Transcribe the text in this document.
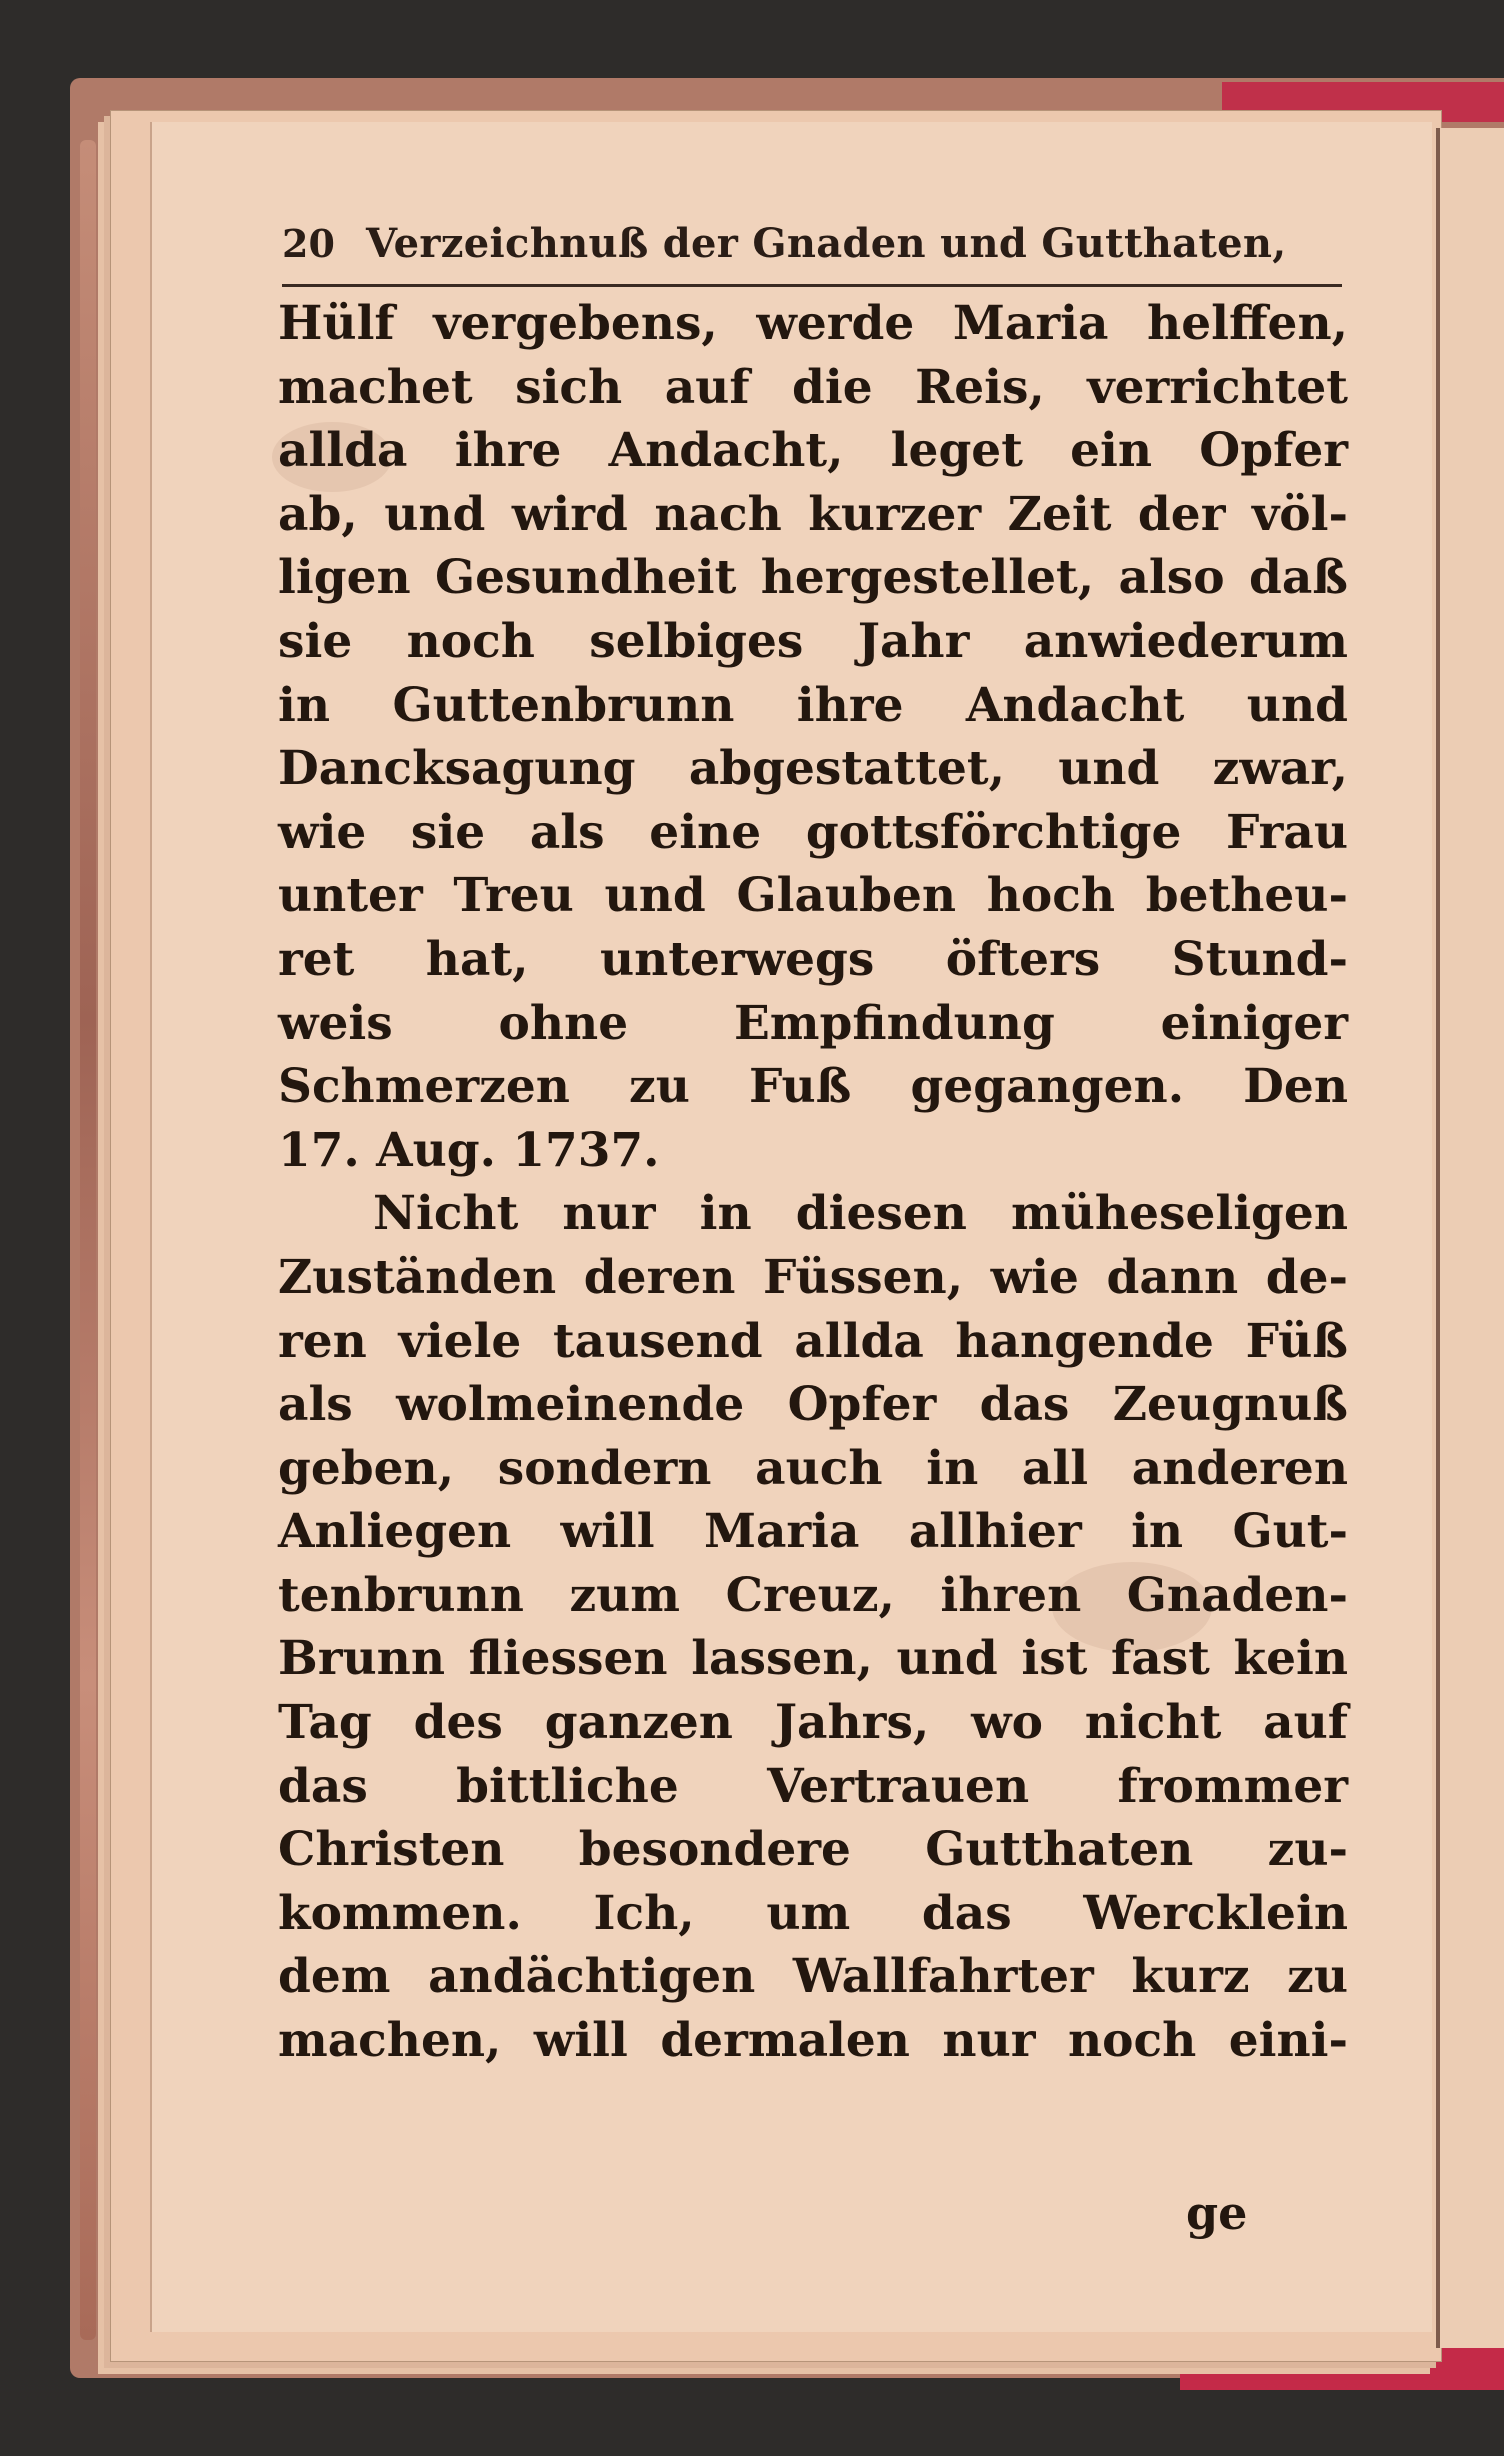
20 Verzeichnuß der Gnaden und Gutthaten,
Hülf vergebens, werde Maria helffen,
machet sich auf die Reis, verrichtet
allda ihre Andacht, leget ein Opfer
ab, und wird nach kurzer Zeit der völ-
ligen Gesundheit hergestellet, also daß
sie noch selbiges Jahr anwiederum
in Guttenbrunn ihre Andacht und
Dancksagung abgestattet, und zwar,
wie sie als eine gottsförchtige Frau
unter Treu und Glauben hoch betheu-
ret hat, unterwegs öfters Stund-
weis ohne Empfindung einiger
Schmerzen zu Fuß gegangen. Den
17. Aug. 1737.
Nicht nur in diesen müheseligen
Zuständen deren Füssen, wie dann de-
ren viele tausend allda hangende Füß
als wolmeinende Opfer das Zeugnuß
geben, sondern auch in all anderen
Anliegen will Maria allhier in Gut-
tenbrunn zum Creuz, ihren Gnaden-
Brunn fliessen lassen, und ist fast kein
Tag des ganzen Jahrs, wo nicht auf
das bittliche Vertrauen frommer
Christen besondere Gutthaten zu-
kommen. Ich, um das Wercklein
dem andächtigen Wallfahrter kurz zu
machen, will dermalen nur noch eini-
ge
